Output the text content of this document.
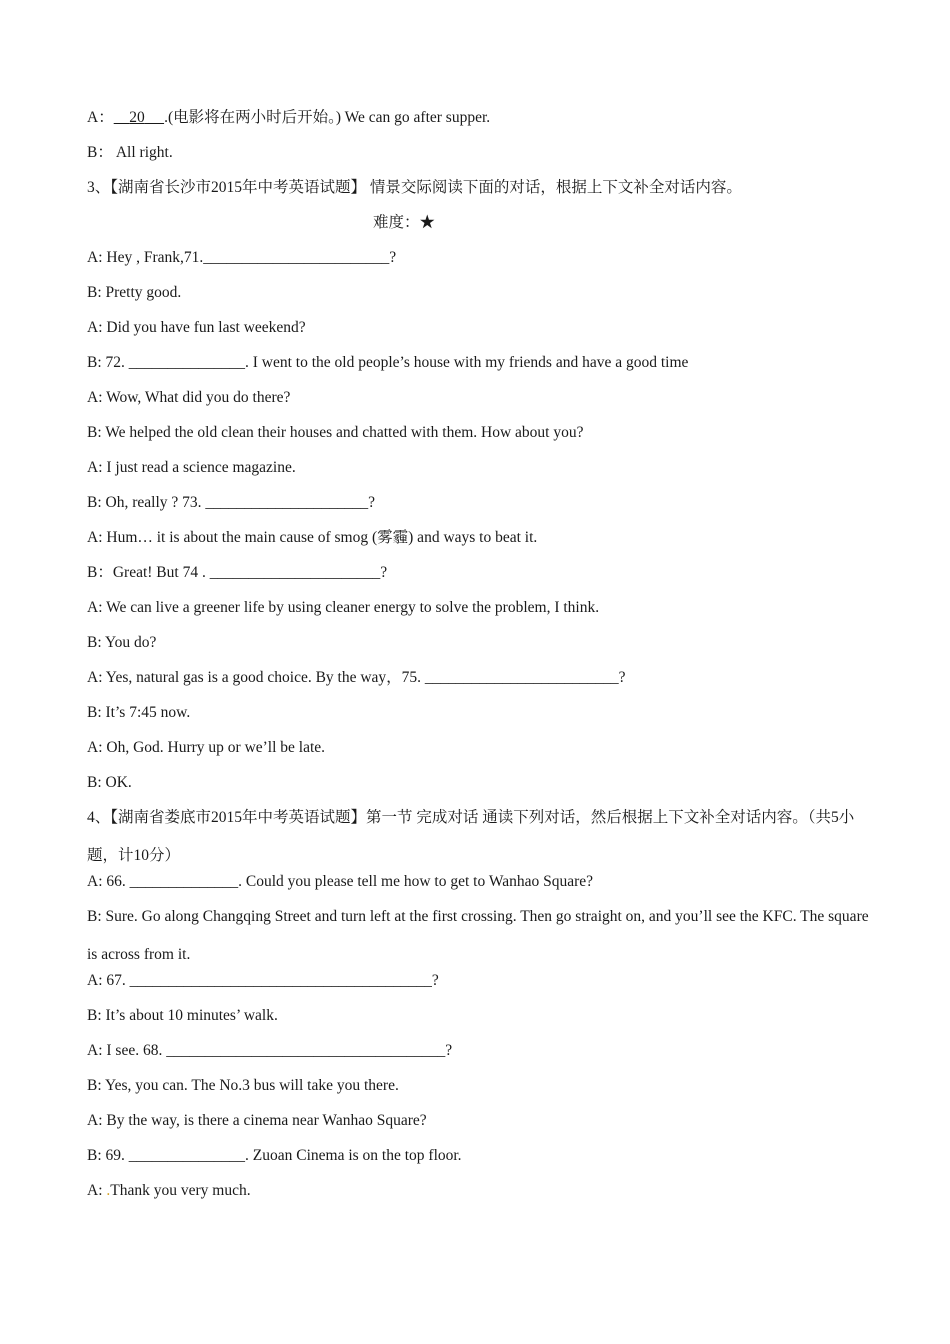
A： 20 .(电影将在两小时后开始。) We can go after supper.

B： All right.

3、【湖南省长沙市2015年中考英语试题】 情景交际阅读下面的对话，根据上下文补全对话内容。

难度：★

A: Hey , Frank,71.________________________?

B: Pretty good.

A: Did you have fun last weekend?

B: 72. _______________. I went to the old people’s house with my friends and have a good time

A: Wow, What did you do there?

B: We helped the old clean their houses and chatted with them. How about you?

A: I just read a science magazine.

B: Oh, really ? 73. _____________________?

A: Hum… it is about the main cause of smog (雾霾) and ways to beat it.

B：Great! But 74 . ______________________?

A: We can live a greener life by using cleaner energy to solve the problem, I think.

B: You do?

A: Yes, natural gas is a good choice. By the way，75. _________________________?

B: It’s 7:45 now.

A: Oh, God. Hurry up or we’ll be late.

B: OK.

4、【湖南省娄底市2015年中考英语试题】第一节 完成对话 通读下列对话，然后根据上下文补全对话内容。（共5小题，计10分）

A: 66. ______________. Could you please tell me how to get to Wanhao Square?

B: Sure. Go along Changqing Street and turn left at the first crossing. Then go straight on, and you’ll see the KFC. The square is across from it.

A: 67. _______________________________________?

B: It’s about 10 minutes’ walk.

A: I see. 68. ____________________________________?

B: Yes, you can. The No.3 bus will take you there.

A: By the way, is there a cinema near Wanhao Square?

B: 69. _______________. Zuoan Cinema is on the top floor.

A: .Thank you very much.
